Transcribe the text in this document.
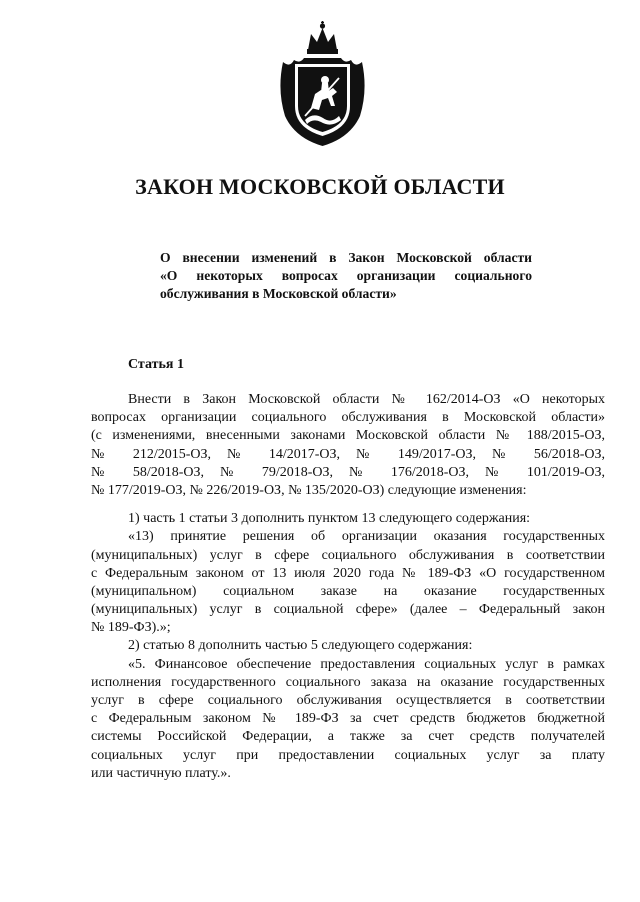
ЗАКОН МОСКОВСКОЙ ОБЛАСТИ
О внесении изменений в Закон Московской области
«О некоторых вопросах организации социального
обслуживания в Московской области»
Статья 1
Внести в Закон Московской области № 162/2014-ОЗ «О некоторых
вопросах организации социального обслуживания в Московской области»
(с изменениями, внесенными законами Московской области № 188/2015-ОЗ,
№ 212/2015-ОЗ, № 14/2017-ОЗ, № 149/2017-ОЗ, № 56/2018-ОЗ,
№ 58/2018-ОЗ, № 79/2018-ОЗ, № 176/2018-ОЗ, № 101/2019-ОЗ,
№ 177/2019-ОЗ, № 226/2019-ОЗ, № 135/2020-ОЗ) следующие изменения:
1) часть 1 статьи 3 дополнить пунктом 13 следующего содержания:
«13) принятие решения об организации оказания государственных
(муниципальных) услуг в сфере социального обслуживания в соответствии
с Федеральным законом от 13 июля 2020 года № 189-ФЗ «О государственном
(муниципальном) социальном заказе на оказание государственных
(муниципальных) услуг в социальной сфере» (далее – Федеральный закон
№ 189-ФЗ).»;
2) статью 8 дополнить частью 5 следующего содержания:
«5. Финансовое обеспечение предоставления социальных услуг в рамках
исполнения государственного социального заказа на оказание государственных
услуг в сфере социального обслуживания осуществляется в соответствии
с Федеральным законом № 189-ФЗ за счет средств бюджетов бюджетной
системы Российской Федерации, а также за счет средств получателей
социальных услуг при предоставлении социальных услуг за плату
или частичную плату.».
